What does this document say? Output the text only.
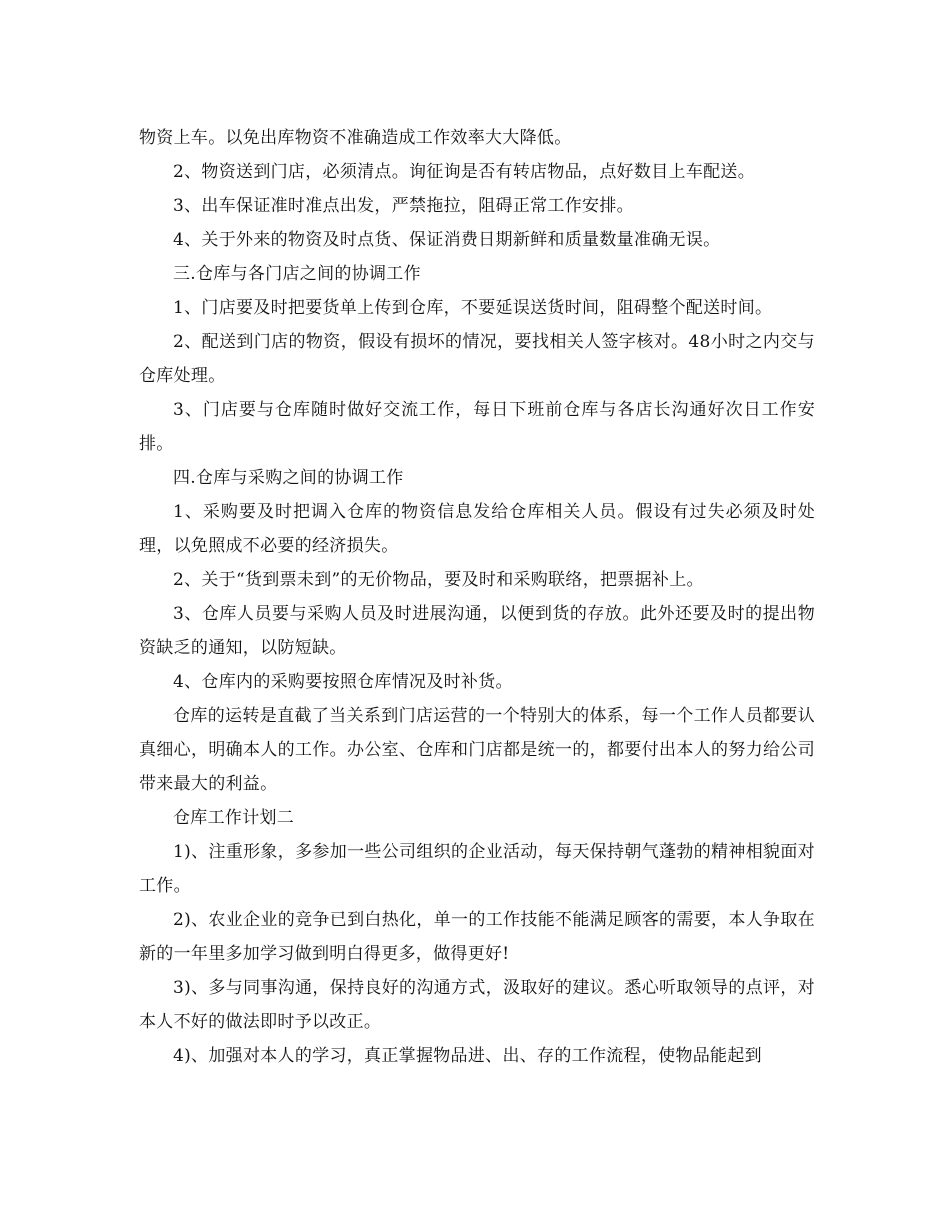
物资上车。以免出库物资不准确造成工作效率大大降低。

2、物资送到门店，必须清点。询征询是否有转店物品，点好数目上车配送。

3、出车保证准时准点出发，严禁拖拉，阻碍正常工作安排。

4、关于外来的物资及时点货、保证消费日期新鲜和质量数量准确无误。

三.仓库与各门店之间的协调工作

1、门店要及时把要货单上传到仓库，不要延误送货时间，阻碍整个配送时间。

2、配送到门店的物资，假设有损坏的情况，要找相关人签字核对。48小时之内交与仓库处理。

3、门店要与仓库随时做好交流工作，每日下班前仓库与各店长沟通好次日工作安排。

四.仓库与采购之间的协调工作

1、采购要及时把调入仓库的物资信息发给仓库相关人员。假设有过失必须及时处理，以免照成不必要的经济损失。

2、关于“货到票未到”的无价物品，要及时和采购联络，把票据补上。

3、仓库人员要与采购人员及时进展沟通，以便到货的存放。此外还要及时的提出物资缺乏的通知，以防短缺。

4、仓库内的采购要按照仓库情况及时补货。

仓库的运转是直截了当关系到门店运营的一个特别大的体系，每一个工作人员都要认真细心，明确本人的工作。办公室、仓库和门店都是统一的，都要付出本人的努力给公司带来最大的利益。

仓库工作计划二

1)、注重形象，多参加一些公司组织的企业活动，每天保持朝气蓬勃的精神相貌面对工作。

2)、农业企业的竞争已到白热化，单一的工作技能不能满足顾客的需要，本人争取在新的一年里多加学习做到明白得更多，做得更好!

3)、多与同事沟通，保持良好的沟通方式，汲取好的建议。悉心听取领导的点评，对本人不好的做法即时予以改正。

4)、加强对本人的学习，真正掌握物品进、出、存的工作流程，使物品能起到
